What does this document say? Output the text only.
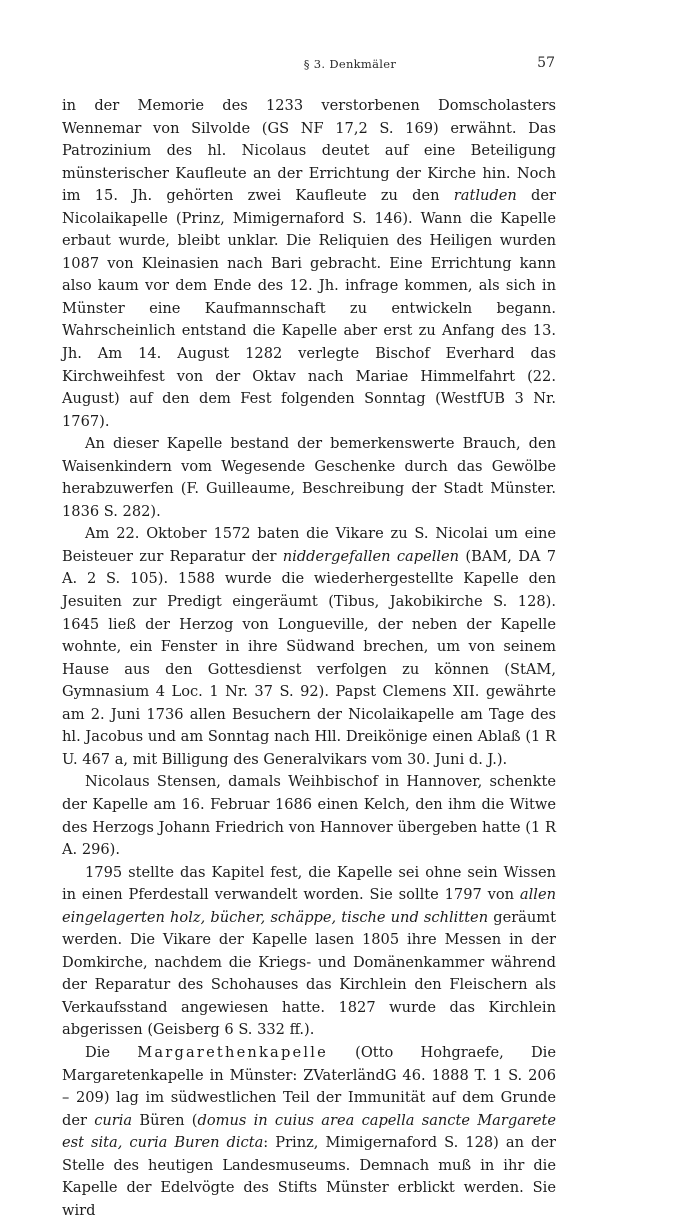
§ 3. Denkmäler	57

in der Memorie des 1233 verstorbenen Domscholasters Wennemar von Silvolde (GS NF 17,2 S. 169) erwähnt. Das Patrozinium des hl. Nicolaus deutet auf eine Beteiligung münsterischer Kaufleute an der Errichtung der Kirche hin. Noch im 15. Jh. gehörten zwei Kaufleute zu den ratluden der Nicolaikapelle (Prinz, Mimigernaford S. 146). Wann die Kapelle erbaut wurde, bleibt unklar. Die Reliquien des Heiligen wurden 1087 von Kleinasien nach Bari gebracht. Eine Errichtung kann also kaum vor dem Ende des 12. Jh. infrage kommen, als sich in Münster eine Kaufmannschaft zu entwickeln begann. Wahrscheinlich entstand die Kapelle aber erst zu Anfang des 13. Jh. Am 14. August 1282 verlegte Bischof Everhard das Kirchweihfest von der Oktav nach Mariae Himmelfahrt (22. August) auf den dem Fest folgenden Sonntag (WestfUB 3 Nr. 1767).

An dieser Kapelle bestand der bemerkenswerte Brauch, den Waisenkindern vom Wegesende Geschenke durch das Gewölbe herabzuwerfen (F. Guilleaume, Beschreibung der Stadt Münster. 1836 S. 282).

Am 22. Oktober 1572 baten die Vikare zu S. Nicolai um eine Beisteuer zur Reparatur der niddergefallen capellen (BAM, DA 7 A. 2 S. 105). 1588 wurde die wiederhergestellte Kapelle den Jesuiten zur Predigt eingeräumt (Tibus, Jakobikirche S. 128). 1645 ließ der Herzog von Longueville, der neben der Kapelle wohnte, ein Fenster in ihre Südwand brechen, um von seinem Hause aus den Gottesdienst verfolgen zu können (StAM, Gymnasium 4 Loc. 1 Nr. 37 S. 92). Papst Clemens XII. gewährte am 2. Juni 1736 allen Besuchern der Nicolaikapelle am Tage des hl. Jacobus und am Sonntag nach Hll. Dreikönige einen Ablaß (1 R U. 467 a, mit Billigung des Generalvikars vom 30. Juni d. J.).

Nicolaus Stensen, damals Weihbischof in Hannover, schenkte der Kapelle am 16. Februar 1686 einen Kelch, den ihm die Witwe des Herzogs Johann Friedrich von Hannover übergeben hatte (1 R A. 296).

1795 stellte das Kapitel fest, die Kapelle sei ohne sein Wissen in einen Pferdestall verwandelt worden. Sie sollte 1797 von allen eingelagerten holz, bücher, schäppe, tische und schlitten geräumt werden. Die Vikare der Kapelle lasen 1805 ihre Messen in der Domkirche, nachdem die Kriegs- und Domänenkammer während der Reparatur des Schohauses das Kirchlein den Fleischern als Verkaufsstand angewiesen hatte. 1827 wurde das Kirchlein abgerissen (Geisberg 6 S. 332 ff.).

Die Margarethenkapelle (Otto Hohgraefe, Die Margaretenkapelle in Münster: ZVaterländG 46. 1888 T. 1 S. 206 – 209) lag im südwestlichen Teil der Immunität auf dem Grunde der curia Büren (domus in cuius area capella sancte Margarete est sita, curia Buren dicta: Prinz, Mimigernaford S. 128) an der Stelle des heutigen Landesmuseums. Demnach muß in ihr die Kapelle der Edelvögte des Stifts Münster erblickt werden. Sie wird
